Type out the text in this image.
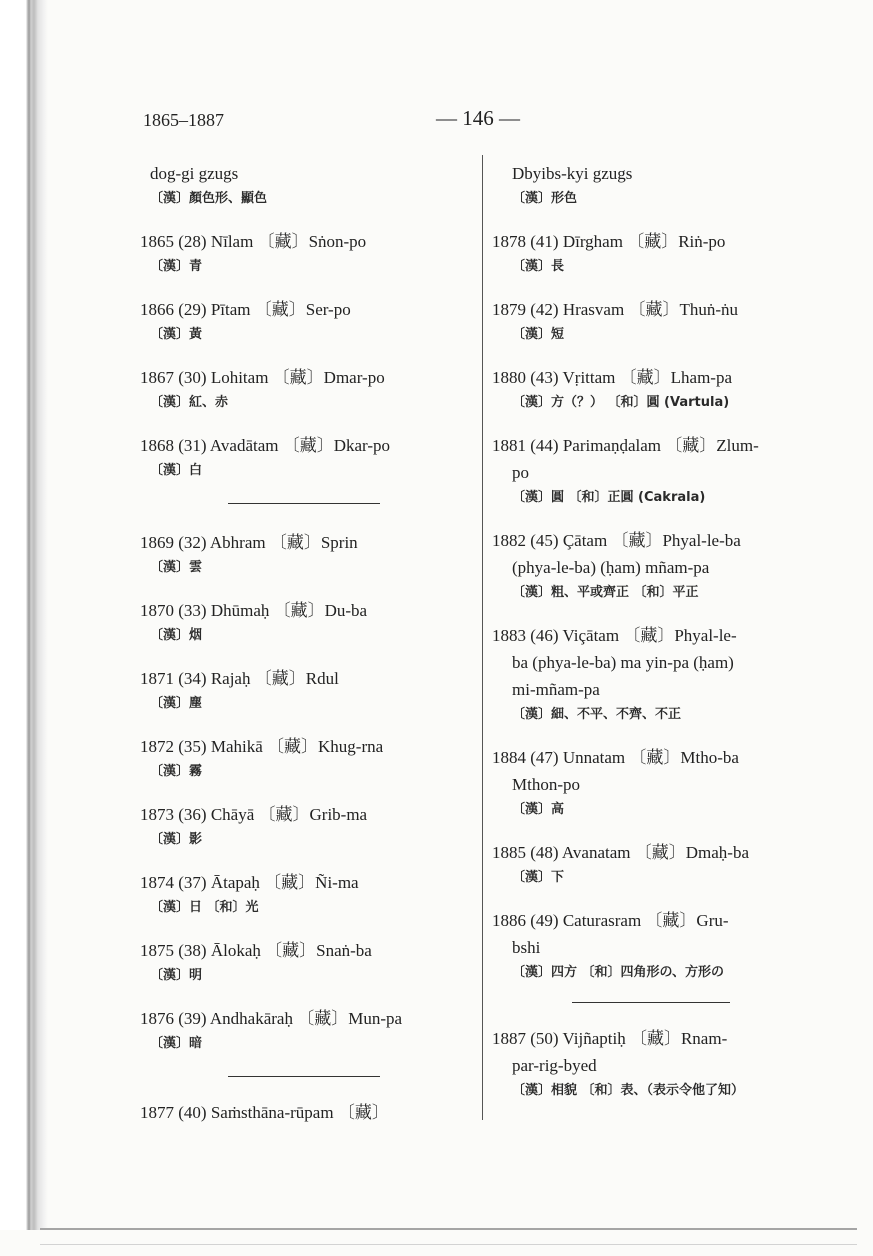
1865–1887	— 146 —
dog-gi gzugs
〔漢〕顏色形、顯色
1865 (28) Nīlam 〔藏〕Sṅon-po
〔漢〕青
1866 (29) Pītam 〔藏〕Ser-po
〔漢〕黃
1867 (30) Lohitam 〔藏〕Dmar-po
〔漢〕紅、赤
1868 (31) Avadātam 〔藏〕Dkar-po
〔漢〕白
1869 (32) Abhram 〔藏〕Sprin
〔漢〕雲
1870 (33) Dhūmaḥ 〔藏〕Du-ba
〔漢〕烟
1871 (34) Rajaḥ 〔藏〕Rdul
〔漢〕塵
1872 (35) Mahikā 〔藏〕Khug-rna
〔漢〕霧
1873 (36) Chāyā 〔藏〕Grib-ma
〔漢〕影
1874 (37) Ātapaḥ 〔藏〕Ñi-ma
〔漢〕日 〔和〕光
1875 (38) Ālokaḥ 〔藏〕Snaṅ-ba
〔漢〕明
1876 (39) Andhakāraḥ 〔藏〕Mun-pa
〔漢〕暗
1877 (40) Saṁsthāna-rūpam 〔藏〕
Dbyibs-kyi gzugs
〔漢〕形色
1878 (41) Dīrgham 〔藏〕Riṅ-po
〔漢〕長
1879 (42) Hrasvam 〔藏〕Thuṅ-ṅu
〔漢〕短
1880 (43) Vṛittam 〔藏〕Lham-pa
〔漢〕方（？） 〔和〕圓 (Vartula)
1881 (44) Parimaṇḍalam 〔藏〕Zlum-
po
〔漢〕圓 〔和〕正圓 (Cakrala)
1882 (45) Çātam 〔藏〕Phyal-le-ba
(phya-le-ba) (ḥam) mñam-pa
〔漢〕粗、平或齊正 〔和〕平正
1883 (46) Viçātam 〔藏〕Phyal-le-
ba (phya-le-ba) ma yin-pa (ḥam)
mi-mñam-pa
〔漢〕細、不平、不齊、不正
1884 (47) Unnatam 〔藏〕Mtho-ba
Mthon-po
〔漢〕高
1885 (48) Avanatam 〔藏〕Dmaḥ-ba
〔漢〕下
1886 (49) Caturasram 〔藏〕Gru-
bshi
〔漢〕四方 〔和〕四角形の、方形の
1887 (50) Vijñaptiḥ 〔藏〕Rnam-
par-rig-byed
〔漢〕相貌 〔和〕表、（表示令他了知）
